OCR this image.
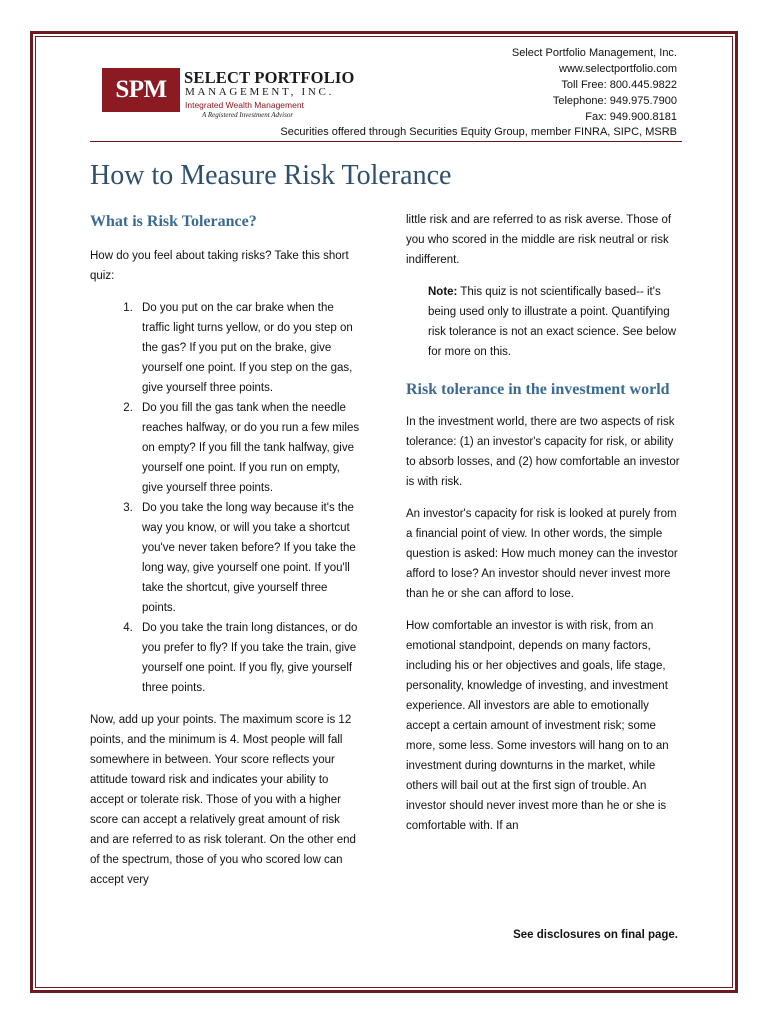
SPM	SELECT PORTFOLIO
MANAGEMENT, INC.
Integrated Wealth Management
A Registered Investment Advisor
Select Portfolio Management, Inc.
www.selectportfolio.com
Toll Free: 800.445.9822
Telephone: 949.975.7900
Fax: 949.900.8181
Securities offered through Securities Equity Group, member FINRA, SIPC, MSRB
How to Measure Risk Tolerance
What is Risk Tolerance?

How do you feel about taking risks? Take this short quiz:

1. Do you put on the car brake when the traffic light turns yellow, or do you step on the gas? If you put on the brake, give yourself one point. If you step on the gas, give yourself three points.
2. Do you fill the gas tank when the needle reaches halfway, or do you run a few miles on empty? If you fill the tank halfway, give yourself one point. If you run on empty, give yourself three points.
3. Do you take the long way because it's the way you know, or will you take a shortcut you've never taken before? If you take the long way, give yourself one point. If you'll take the shortcut, give yourself three points.
4. Do you take the train long distances, or do you prefer to fly? If you take the train, give yourself one point. If you fly, give yourself three points.

Now, add up your points. The maximum score is 12 points, and the minimum is 4. Most people will fall somewhere in between. Your score reflects your attitude toward risk and indicates your ability to accept or tolerate risk. Those of you with a higher score can accept a relatively great amount of risk and are referred to as risk tolerant. On the other end of the spectrum, those of you who scored low can accept very

little risk and are referred to as risk averse. Those of you who scored in the middle are risk neutral or risk indifferent.

Note: This quiz is not scientifically based-- it's being used only to illustrate a point. Quantifying risk tolerance is not an exact science. See below for more on this.

Risk tolerance in the investment world

In the investment world, there are two aspects of risk tolerance: (1) an investor's capacity for risk, or ability to absorb losses, and (2) how comfortable an investor is with risk.

An investor's capacity for risk is looked at purely from a financial point of view. In other words, the simple question is asked: How much money can the investor afford to lose? An investor should never invest more than he or she can afford to lose.

How comfortable an investor is with risk, from an emotional standpoint, depends on many factors, including his or her objectives and goals, life stage, personality, knowledge of investing, and investment experience. All investors are able to emotionally accept a certain amount of investment risk; some more, some less. Some investors will hang on to an investment during downturns in the market, while others will bail out at the first sign of trouble. An investor should never invest more than he or she is comfortable with. If an

See disclosures on final page.
